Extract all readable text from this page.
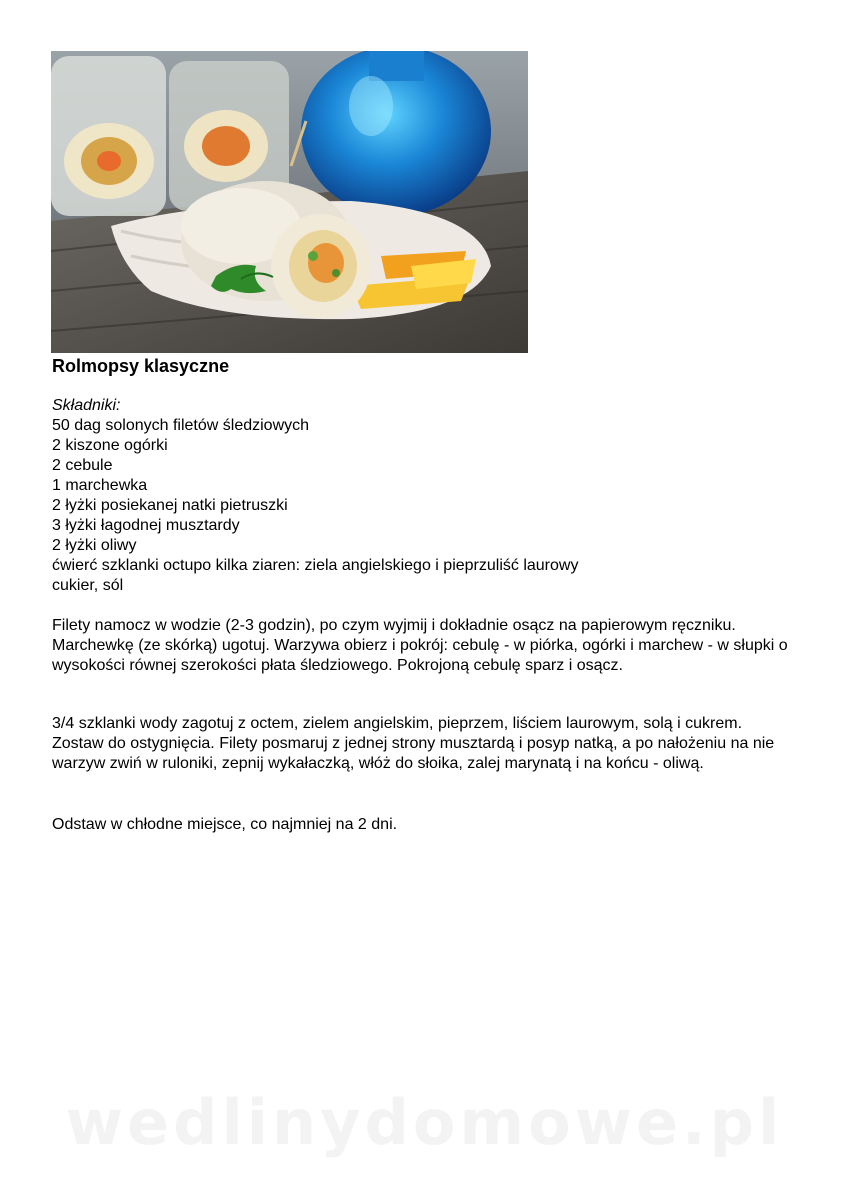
Rolmopsy klasyczne

Składniki:

50 dag solonych filetów śledziowych
2 kiszone ogórki
2 cebule
1 marchewka
2 łyżki posiekanej natki pietruszki
3 łyżki łagodnej musztardy
2 łyżki oliwy
ćwierć szklanki octupo kilka ziaren: ziela angielskiego i pieprzuliść laurowy
cukier, sól

Filety namocz w wodzie (2-3 godzin), po czym wyjmij i dokładnie osącz na papierowym ręczniku. Marchewkę (ze skórką) ugotuj. Warzywa obierz i pokrój: cebulę - w piórka, ogórki i marchew - w słupki o wysokości równej szerokości płata śledziowego. Pokrojoną cebulę sparz i osącz.

3/4 szklanki wody zagotuj z octem, zielem angielskim, pieprzem, liściem laurowym, solą i cukrem. Zostaw do ostygnięcia. Filety posmaruj z jednej strony musztardą i posyp natką, a po nałożeniu na nie warzyw zwiń w ruloniki, zepnij wykałaczką, włóż do słoika, zalej marynatą i na końcu - oliwą.

Odstaw w chłodne miejsce, co najmniej na 2 dni.

wedlinydomowe.pl
